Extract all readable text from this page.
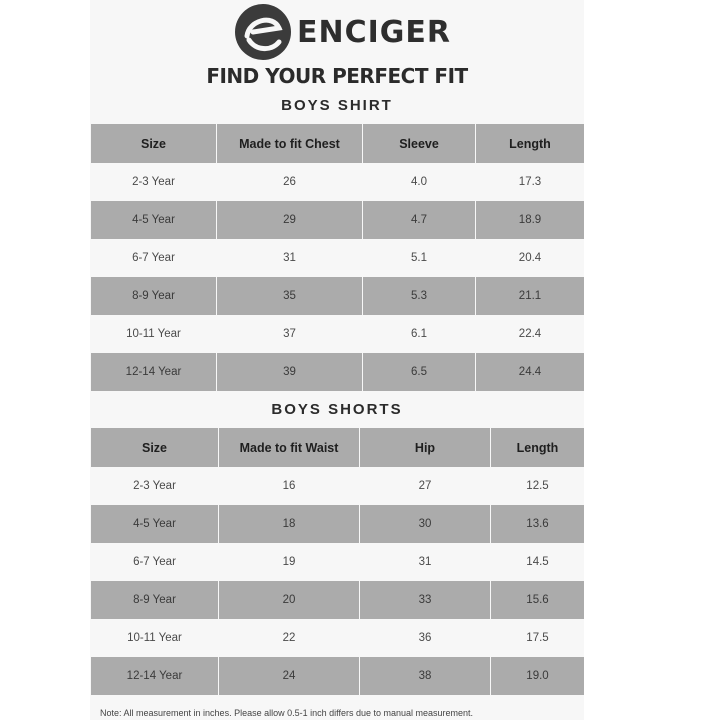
ENCIGER
FIND YOUR PERFECT FIT
BOYS SHIRT
Size	Made to fit Chest	Sleeve	Length
2-3 Year	26	4.0	17.3
4-5 Year	29	4.7	18.9
6-7 Year	31	5.1	20.4
8-9 Year	35	5.3	21.1
10-11 Year	37	6.1	22.4
12-14 Year	39	6.5	24.4
BOYS SHORTS
Size	Made to fit Waist	Hip	Length
2-3 Year	16	27	12.5
4-5 Year	18	30	13.6
6-7 Year	19	31	14.5
8-9 Year	20	33	15.6
10-11 Year	22	36	17.5
12-14 Year	24	38	19.0
Note: All measurement in inches. Please allow 0.5-1 inch differs due to manual measurement.
